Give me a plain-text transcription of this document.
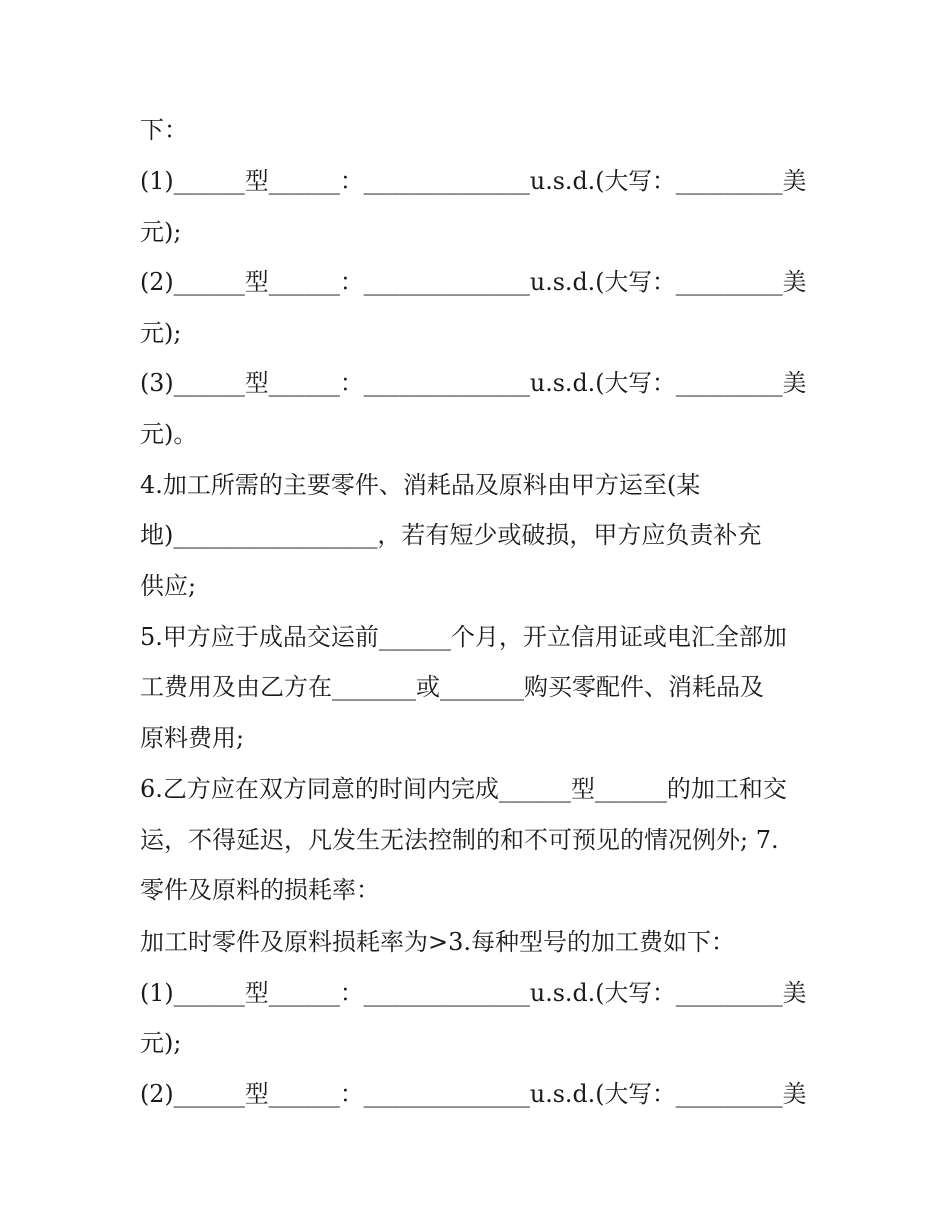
下：
(1)______型______：______________u.s.d.(大写：_________美
元);
(2)______型______：______________u.s.d.(大写：_________美
元);
(3)______型______：______________u.s.d.(大写：_________美
元)。
4.加工所需的主要零件、消耗品及原料由甲方运至(某
地)_________________，若有短少或破损，甲方应负责补充
供应;
5.甲方应于成品交运前______个月，开立信用证或电汇全部加
工费用及由乙方在_______或_______购买零配件、消耗品及
原料费用;
6.乙方应在双方同意的时间内完成______型______的加工和交
运，不得延迟，凡发生无法控制的和不可预见的情况例外; 7.
零件及原料的损耗率：
加工时零件及原料损耗率为>3.每种型号的加工费如下：
(1)______型______：______________u.s.d.(大写：_________美
元);
(2)______型______：______________u.s.d.(大写：_________美
